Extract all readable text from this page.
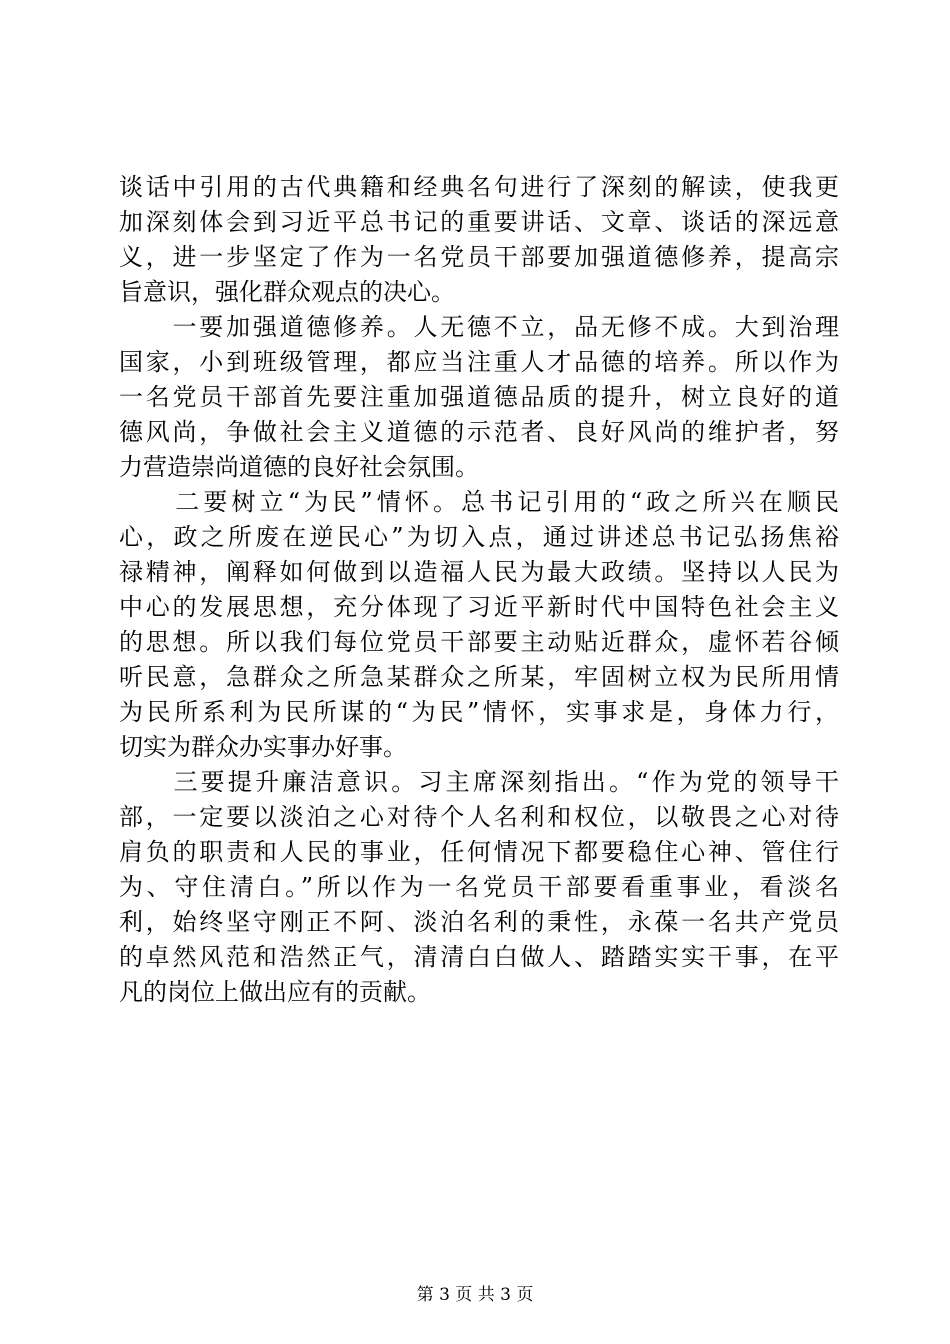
谈话中引用的古代典籍和经典名句进行了深刻的解读，使我更
加深刻体会到习近平总书记的重要讲话、文章、谈话的深远意
义，进一步坚定了作为一名党员干部要加强道德修养，提高宗
旨意识，强化群众观点的决心。
　　一要加强道德修养。人无德不立，品无修不成。大到治理
国家，小到班级管理，都应当注重人才品德的培养。所以作为
一名党员干部首先要注重加强道德品质的提升，树立良好的道
德风尚，争做社会主义道德的示范者、良好风尚的维护者，努
力营造崇尚道德的良好社会氛围。
　　二要树立“为民”情怀。总书记引用的“政之所兴在顺民
心，政之所废在逆民心”为切入点，通过讲述总书记弘扬焦裕
禄精神，阐释如何做到以造福人民为最大政绩。坚持以人民为
中心的发展思想，充分体现了习近平新时代中国特色社会主义
的思想。所以我们每位党员干部要主动贴近群众，虚怀若谷倾
听民意，急群众之所急某群众之所某，牢固树立权为民所用情
为民所系利为民所谋的“为民”情怀，实事求是，身体力行，
切实为群众办实事办好事。
　　三要提升廉洁意识。习主席深刻指出。“作为党的领导干
部，一定要以淡泊之心对待个人名利和权位，以敬畏之心对待
肩负的职责和人民的事业，任何情况下都要稳住心神、管住行
为、守住清白。”所以作为一名党员干部要看重事业，看淡名
利，始终坚守刚正不阿、淡泊名利的秉性，永葆一名共产党员
的卓然风范和浩然正气，清清白白做人、踏踏实实干事，在平
凡的岗位上做出应有的贡献。
第 3 页 共 3 页
